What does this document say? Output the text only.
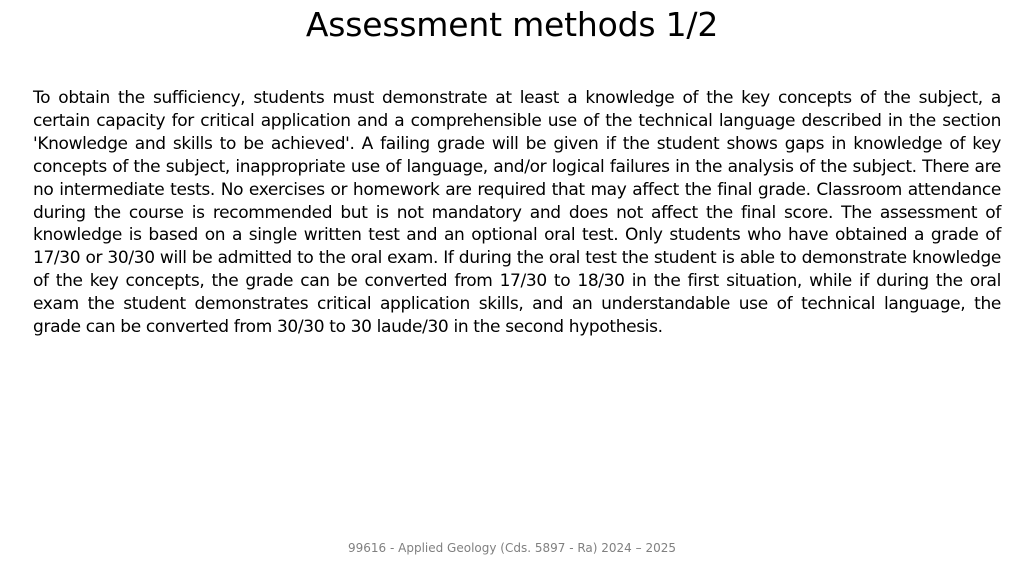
Assessment methods 1/2

To obtain the sufficiency, students must demonstrate at least a knowledge of the key concepts of the subject, a certain capacity for critical application and a comprehensible use of the technical language described in the section 'Knowledge and skills to be achieved'. A failing grade will be given if the student shows gaps in knowledge of key concepts of the subject, inappropriate use of language, and/or logical failures in the analysis of the subject. There are no intermediate tests. No exercises or homework are required that may affect the final grade. Classroom attendance during the course is recommended but is not mandatory and does not affect the final score. The assessment of knowledge is based on a single written test and an optional oral test. Only students who have obtained a grade of 17/30 or 30/30 will be admitted to the oral exam. If during the oral test the student is able to demonstrate knowledge of the key concepts, the grade can be converted from 17/30 to 18/30 in the first situation, while if during the oral exam the student demonstrates critical application skills, and an understandable use of technical language, the grade can be converted from 30/30 to 30 laude/30 in the second hypothesis.

99616 - Applied Geology (Cds. 5897 - Ra) 2024 – 2025
